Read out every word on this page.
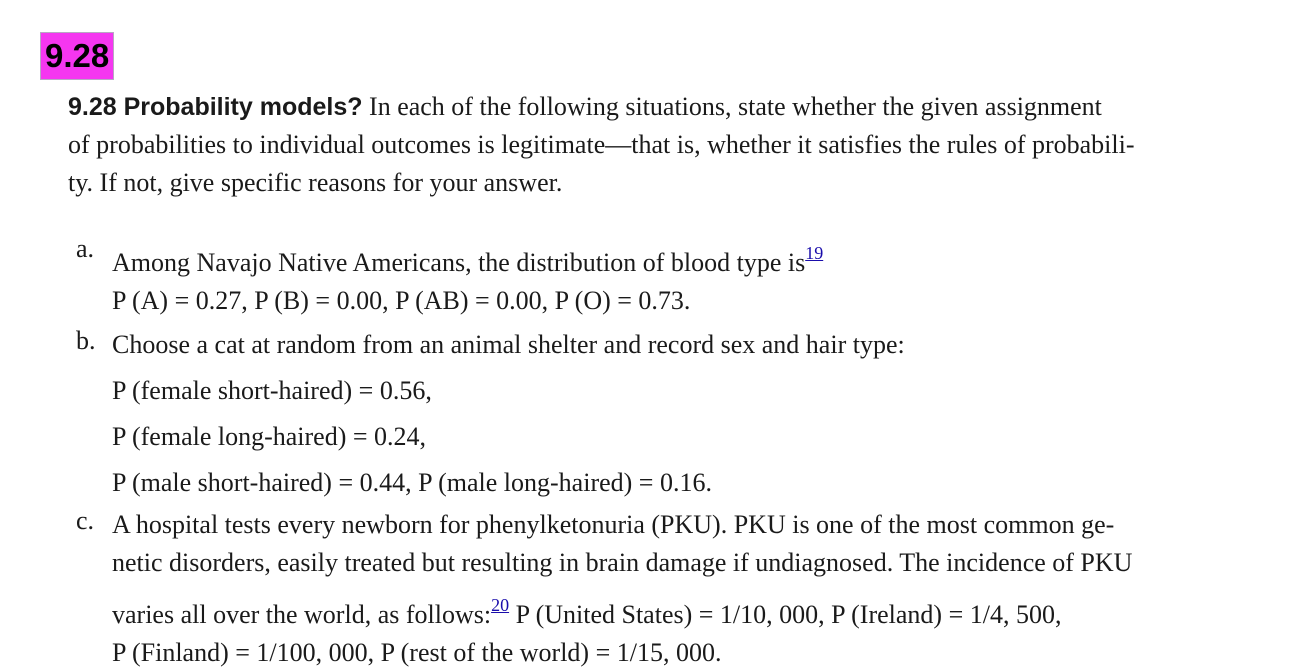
9.28

9.28 Probability models? In each of the following situations, state whether the given assignment
of probabilities to individual outcomes is legitimate—that is, whether it satisfies the rules of probabili-
ty. If not, give specific reasons for your answer.

a. Among Navajo Native Americans, the distribution of blood type is$^{19}$
P (A) = 0.27, P (B) = 0.00, P (AB) = 0.00, P (O) = 0.73.
b. Choose a cat at random from an animal shelter and record sex and hair type:
P (female short-haired) = 0.56,
P (female long-haired) = 0.24,
P (male short-haired) = 0.44, P (male long-haired) = 0.16.
c. A hospital tests every newborn for phenylketonuria (PKU). PKU is one of the most common ge-
netic disorders, easily treated but resulting in brain damage if undiagnosed. The incidence of PKU
varies all over the world, as follows:$^{20}$ P (United States) = 1/10, 000, P (Ireland) = 1/4, 500,
P (Finland) = 1/100, 000, P (rest of the world) = 1/15, 000.
